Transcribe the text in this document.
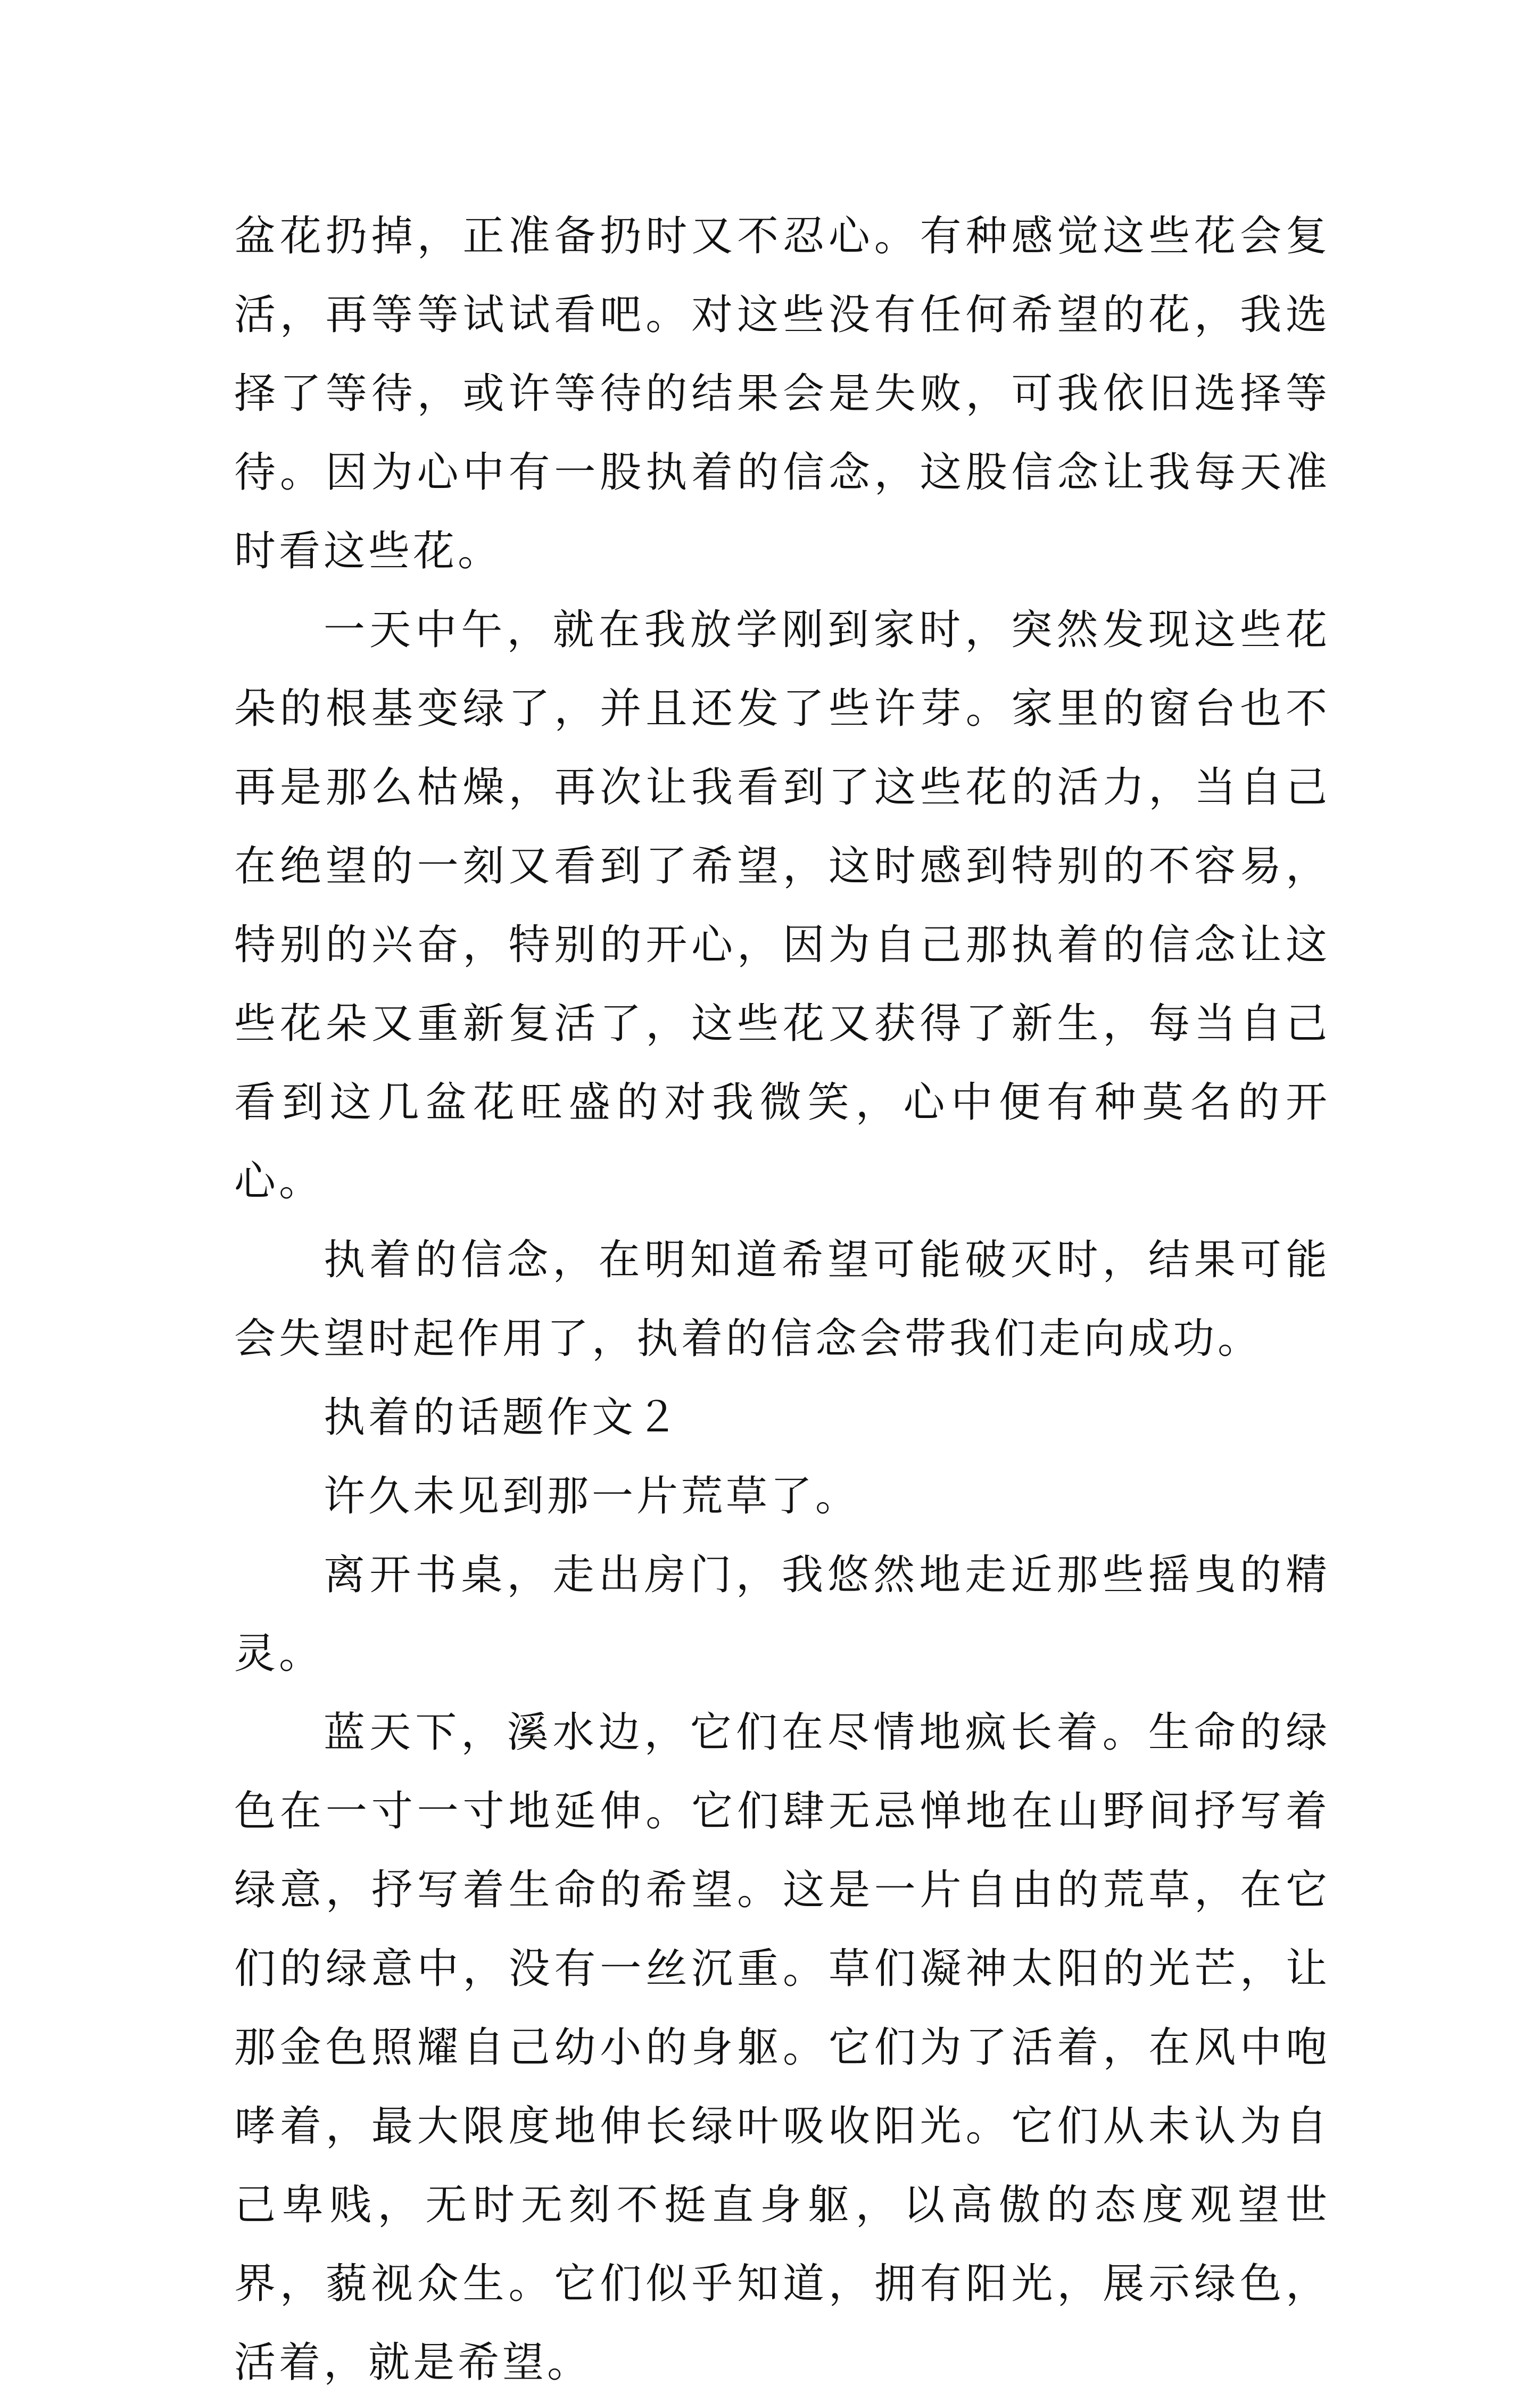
盆花扔掉，正准备扔时又不忍心。有种感觉这些花会复活，再等等试试看吧。对这些没有任何希望的花，我选择了等待，或许等待的结果会是失败，可我依旧选择等待。因为心中有一股执着的信念，这股信念让我每天准时看这些花。

一天中午，就在我放学刚到家时，突然发现这些花朵的根基变绿了，并且还发了些许芽。家里的窗台也不再是那么枯燥，再次让我看到了这些花的活力，当自己在绝望的一刻又看到了希望，这时感到特别的不容易，特别的兴奋，特别的开心，因为自己那执着的信念让这些花朵又重新复活了，这些花又获得了新生，每当自己看到这几盆花旺盛的对我微笑，心中便有种莫名的开心。

执着的信念，在明知道希望可能破灭时，结果可能会失望时起作用了，执着的信念会带我们走向成功。

执着的话题作文２

许久未见到那一片荒草了。

离开书桌，走出房门，我悠然地走近那些摇曳的精灵。

蓝天下，溪水边，它们在尽情地疯长着。生命的绿色在一寸一寸地延伸。它们肆无忌惮地在山野间抒写着绿意，抒写着生命的希望。这是一片自由的荒草，在它们的绿意中，没有一丝沉重。草们凝神太阳的光芒，让那金色照耀自己幼小的身躯。它们为了活着，在风中咆哮着，最大限度地伸长绿叶吸收阳光。它们从未认为自己卑贱，无时无刻不挺直身躯，以高傲的态度观望世界，藐视众生。它们似乎知道，拥有阳光，展示绿色，活着，就是希望。
